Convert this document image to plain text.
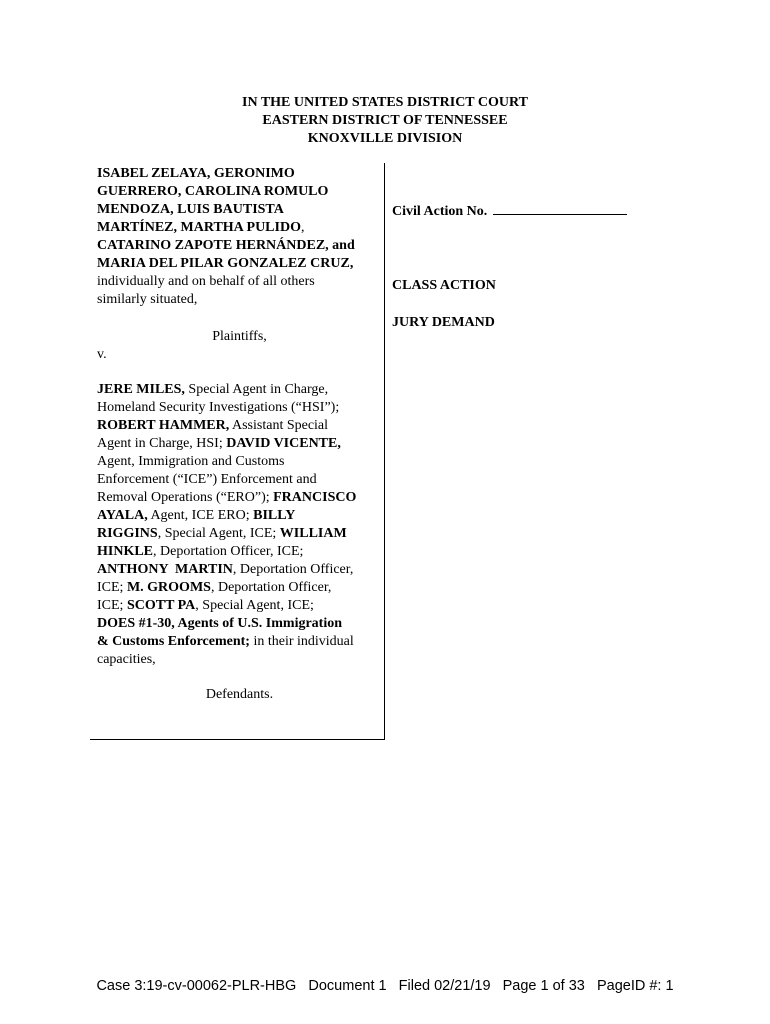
IN THE UNITED STATES DISTRICT COURT
EASTERN DISTRICT OF TENNESSEE
KNOXVILLE DIVISION
ISABEL ZELAYA, GERONIMO
GUERRERO, CAROLINA ROMULO
MENDOZA, LUIS BAUTISTA
MARTÍNEZ, MARTHA PULIDO,
CATARINO ZAPOTE HERNÁNDEZ, and
MARIA DEL PILAR GONZALEZ CRUZ,
individually and on behalf of all others
similarly situated,
Plaintiffs,
v.
JERE MILES, Special Agent in Charge,
Homeland Security Investigations (“HSI”);
ROBERT HAMMER, Assistant Special
Agent in Charge, HSI; DAVID VICENTE,
Agent, Immigration and Customs
Enforcement (“ICE”) Enforcement and
Removal Operations (“ERO”); FRANCISCO
AYALA, Agent, ICE ERO; BILLY
RIGGINS, Special Agent, ICE; WILLIAM
HINKLE, Deportation Officer, ICE;
ANTHONY  MARTIN, Deportation Officer,
ICE; M. GROOMS, Deportation Officer,
ICE; SCOTT PA, Special Agent, ICE;
DOES #1-30, Agents of U.S. Immigration
& Customs Enforcement; in their individual
capacities,
Defendants.
Civil Action No.
CLASS ACTION
JURY DEMAND
Case 3:19-cv-00062-PLR-HBG   Document 1   Filed 02/21/19   Page 1 of 33   PageID #: 1
